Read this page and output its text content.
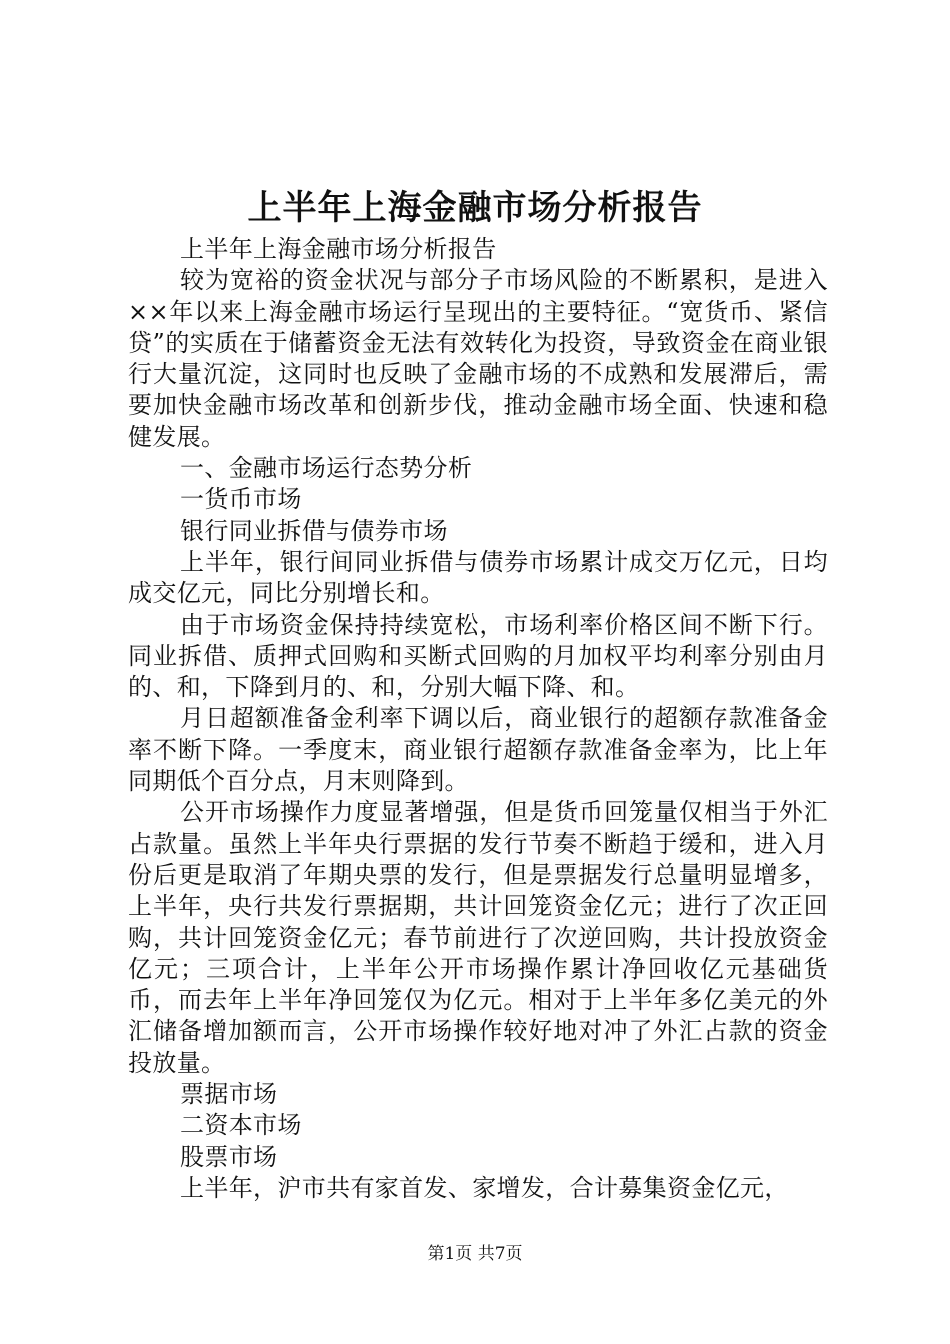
上半年上海金融市场分析报告

上半年上海金融市场分析报告

较为宽裕的资金状况与部分子市场风险的不断累积，是进入××年以来上海金融市场运行呈现出的主要特征。“宽货币、紧信贷”的实质在于储蓄资金无法有效转化为投资，导致资金在商业银行大量沉淀，这同时也反映了金融市场的不成熟和发展滞后，需要加快金融市场改革和创新步伐，推动金融市场全面、快速和稳健发展。

一、金融市场运行态势分析

一货币市场

银行同业拆借与债券市场

上半年，银行间同业拆借与债券市场累计成交万亿元，日均成交亿元，同比分别增长和。

由于市场资金保持持续宽松，市场利率价格区间不断下行。同业拆借、质押式回购和买断式回购的月加权平均利率分别由月的、和，下降到月的、和，分别大幅下降、和。

月日超额准备金利率下调以后，商业银行的超额存款准备金率不断下降。一季度末，商业银行超额存款准备金率为，比上年同期低个百分点，月末则降到。

公开市场操作力度显著增强，但是货币回笼量仅相当于外汇占款量。虽然上半年央行票据的发行节奏不断趋于缓和，进入月份后更是取消了年期央票的发行，但是票据发行总量明显增多，上半年，央行共发行票据期，共计回笼资金亿元；进行了次正回购，共计回笼资金亿元；春节前进行了次逆回购，共计投放资金亿元；三项合计，上半年公开市场操作累计净回收亿元基础货币，而去年上半年净回笼仅为亿元。相对于上半年多亿美元的外汇储备增加额而言，公开市场操作较好地对冲了外汇占款的资金投放量。

票据市场

二资本市场

股票市场

上半年，沪市共有家首发、家增发，合计募集资金亿元，

第1页 共7页
